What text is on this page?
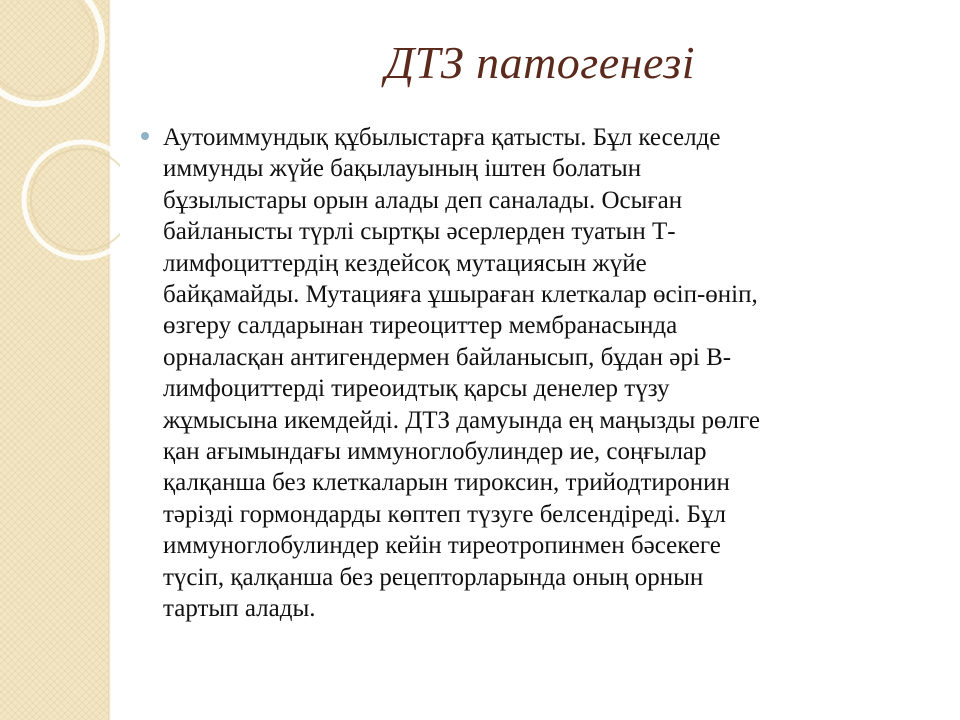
ДТЗ патогенезі
Аутоиммундық құбылыстарға қатысты. Бұл кеселде
иммунды жүйе бақылауының іштен болатын
бұзылыстары орын алады деп саналады. Осыған
байланысты түрлі сыртқы әсерлерден туатын Т-
лимфоциттердің кездейсоқ мутациясын жүйе
байқамайды. Мутацияға ұшыраған клеткалар өсіп-өніп,
өзгеру салдарынан тиреоциттер мембранасында
орналасқан антигендермен байланысып, бұдан әрі В-
лимфоциттерді тиреоидтық қарсы денелер түзу
жұмысына икемдейді. ДТЗ дамуында ең маңызды рөлге
қан ағымындағы иммуноглобулиндер ие, соңғылар
қалқанша без клеткаларын тироксин, трийодтиронин
тәрізді гормондарды көптеп түзуге белсендіреді. Бұл
иммуноглобулиндер кейін тиреотропинмен бәсекеге
түсіп, қалқанша без рецепторларында оның орнын
тартып алады.
